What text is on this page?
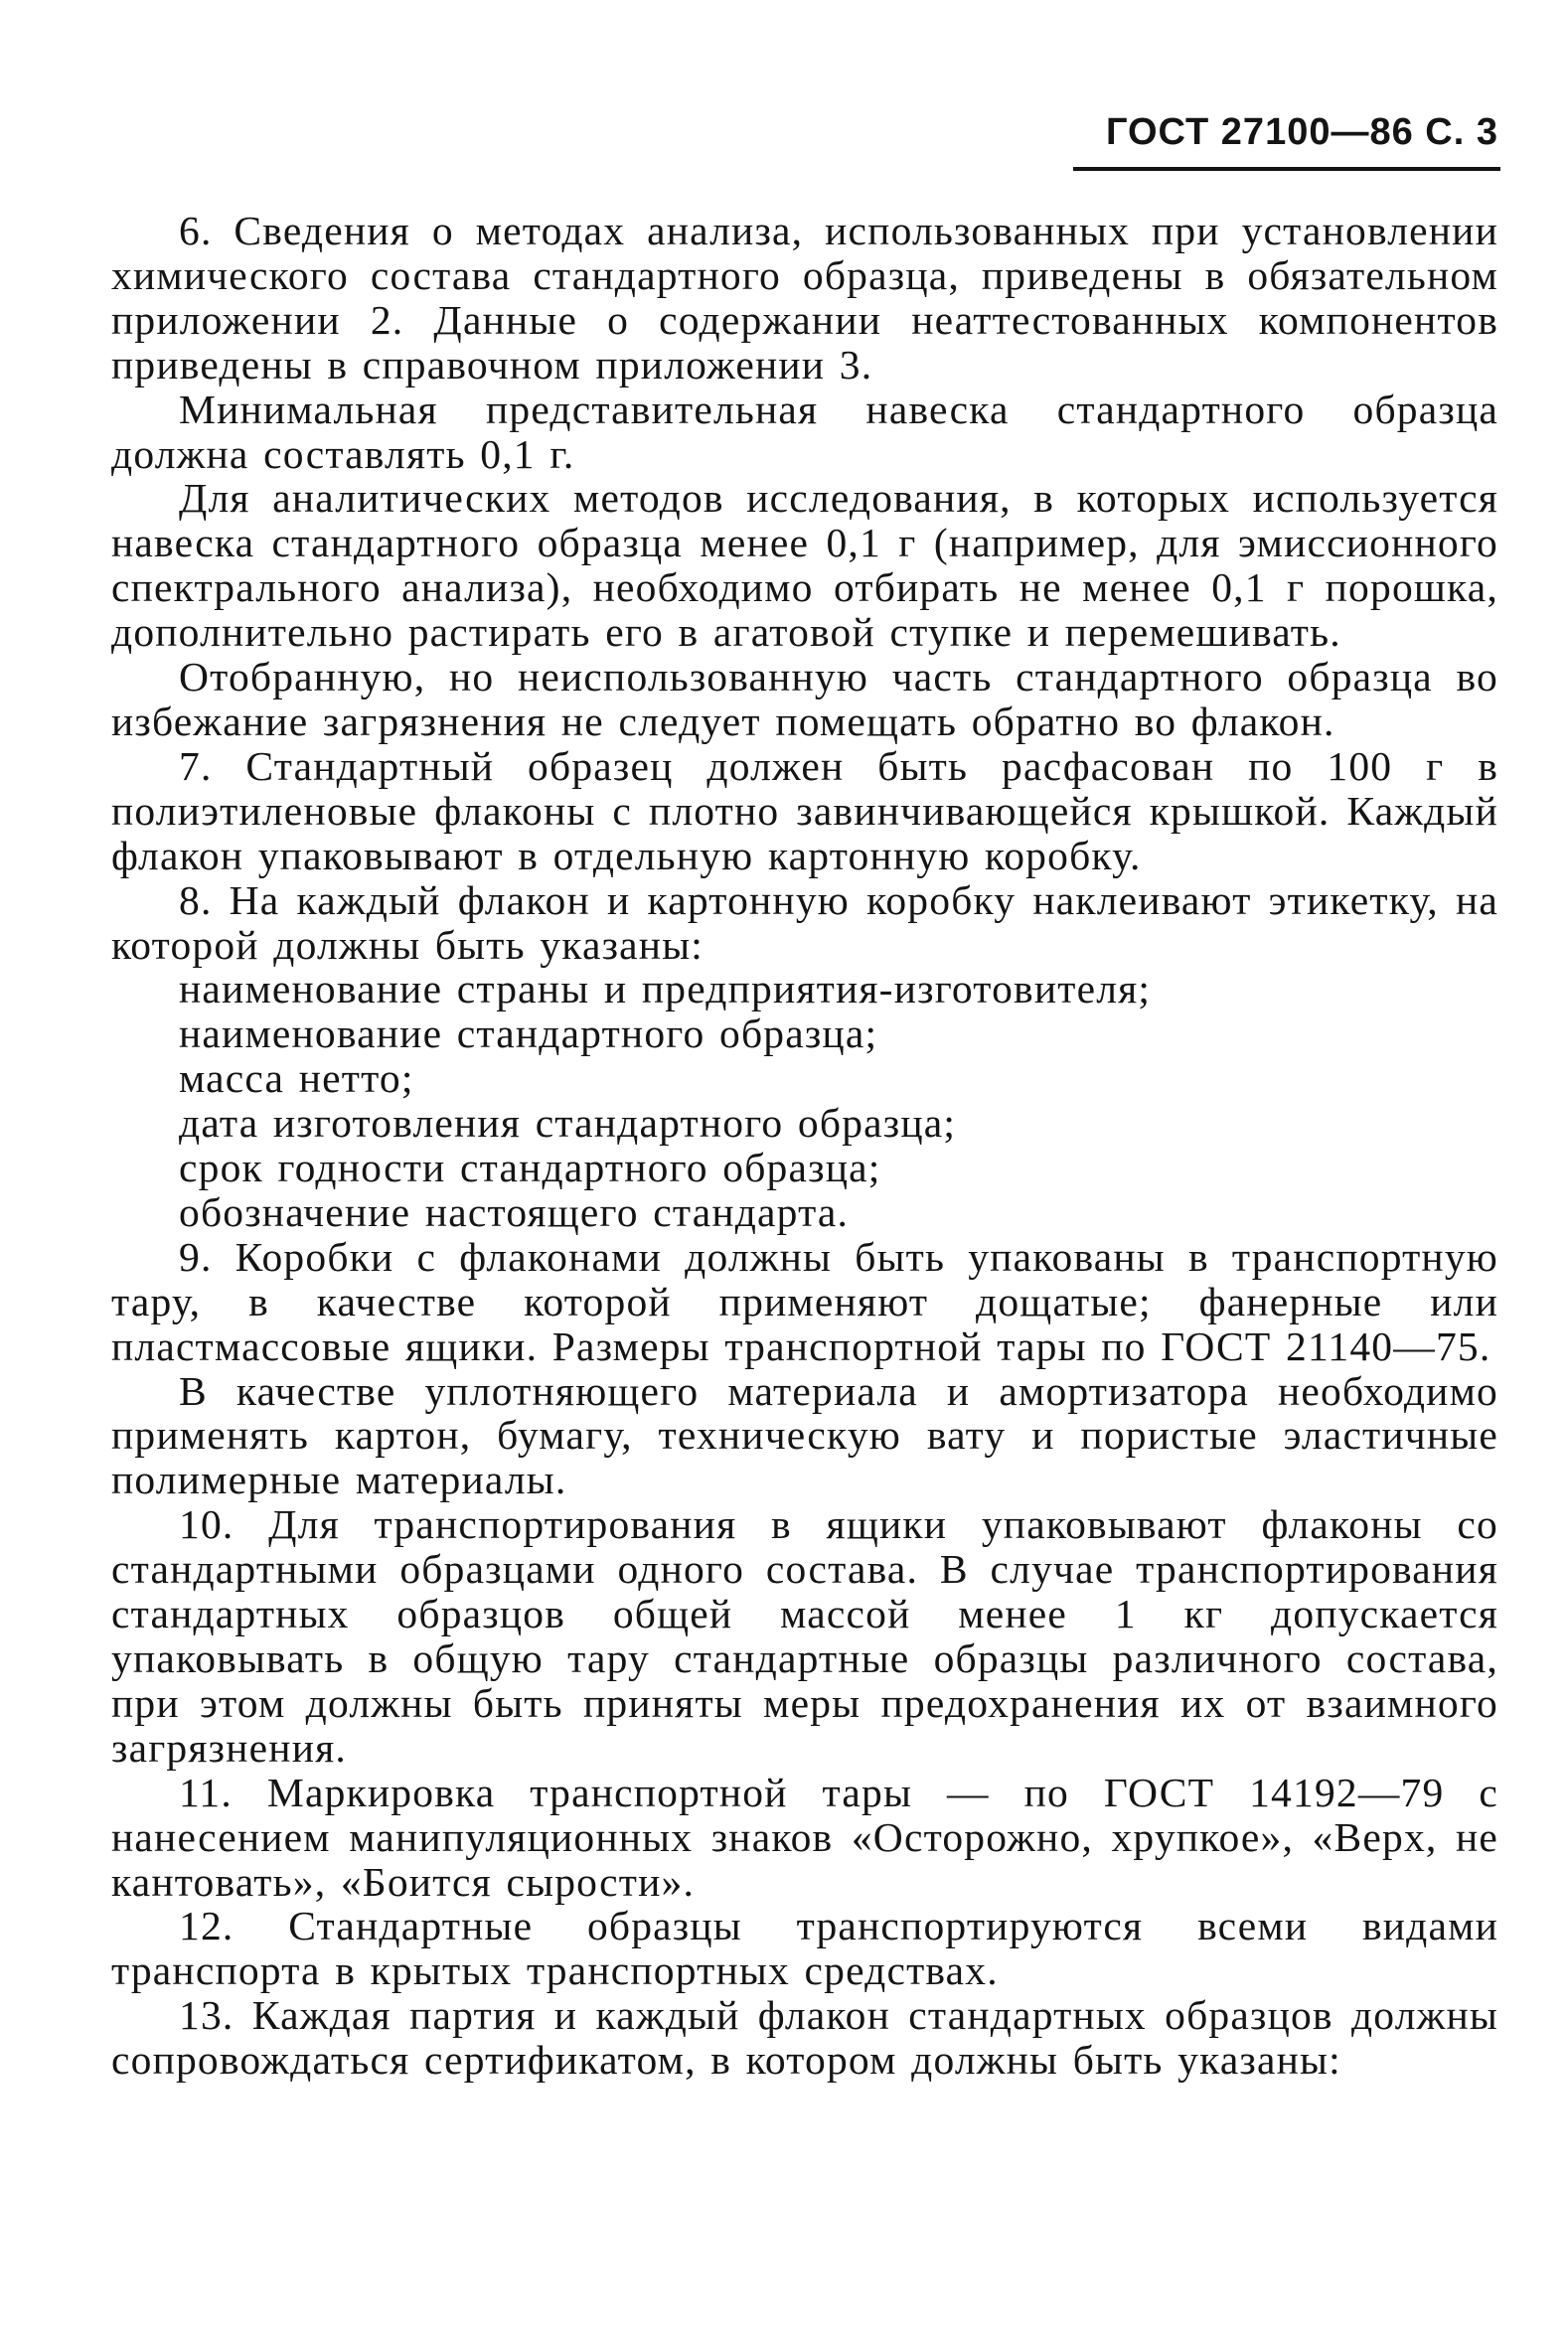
ГОСТ 27100—86 С. 3

6. Сведения о методах анализа, использованных при установлении химического состава стандартного образца, приведены в обязательном приложении 2. Данные о содержании неаттестованных компонентов приведены в справочном приложении 3.

Минимальная представительная навеска стандартного образца должна составлять 0,1 г.

Для аналитических методов исследования, в которых используется навеска стандартного образца менее 0,1 г (например, для эмиссионного спектрального анализа), необходимо отбирать не менее 0,1 г порошка, дополнительно растирать его в агатовой ступке и перемешивать.

Отобранную, но неиспользованную часть стандартного образца во избежание загрязнения не следует помещать обратно во флакон.

7. Стандартный образец должен быть расфасован по 100 г в полиэтиленовые флаконы с плотно завинчивающейся крышкой. Каждый флакон упаковывают в отдельную картонную коробку.

8. На каждый флакон и картонную коробку наклеивают этикетку, на которой должны быть указаны:

наименование страны и предприятия-изготовителя;

наименование стандартного образца;

масса нетто;

дата изготовления стандартного образца;

срок годности стандартного образца;

обозначение настоящего стандарта.

9. Коробки с флаконами должны быть упакованы в транспортную тару, в качестве которой применяют дощатые; фанерные или пластмассовые ящики. Размеры транспортной тары по ГОСТ 21140—75.

В качестве уплотняющего материала и амортизатора необходимо применять картон, бумагу, техническую вату и пористые эластичные полимерные материалы.

10. Для транспортирования в ящики упаковывают флаконы со стандартными образцами одного состава. В случае транспортирования стандартных образцов общей массой менее 1 кг допускается упаковывать в общую тару стандартные образцы различного состава, при этом должны быть приняты меры предохранения их от взаимного загрязнения.

11. Маркировка транспортной тары — по ГОСТ 14192—79 с нанесением манипуляционных знаков «Осторожно, хрупкое», «Верх, не кантовать», «Боится сырости».

12. Стандартные образцы транспортируются всеми видами транспорта в крытых транспортных средствах.

13. Каждая партия и каждый флакон стандартных образцов должны сопровождаться сертификатом, в котором должны быть указаны:
